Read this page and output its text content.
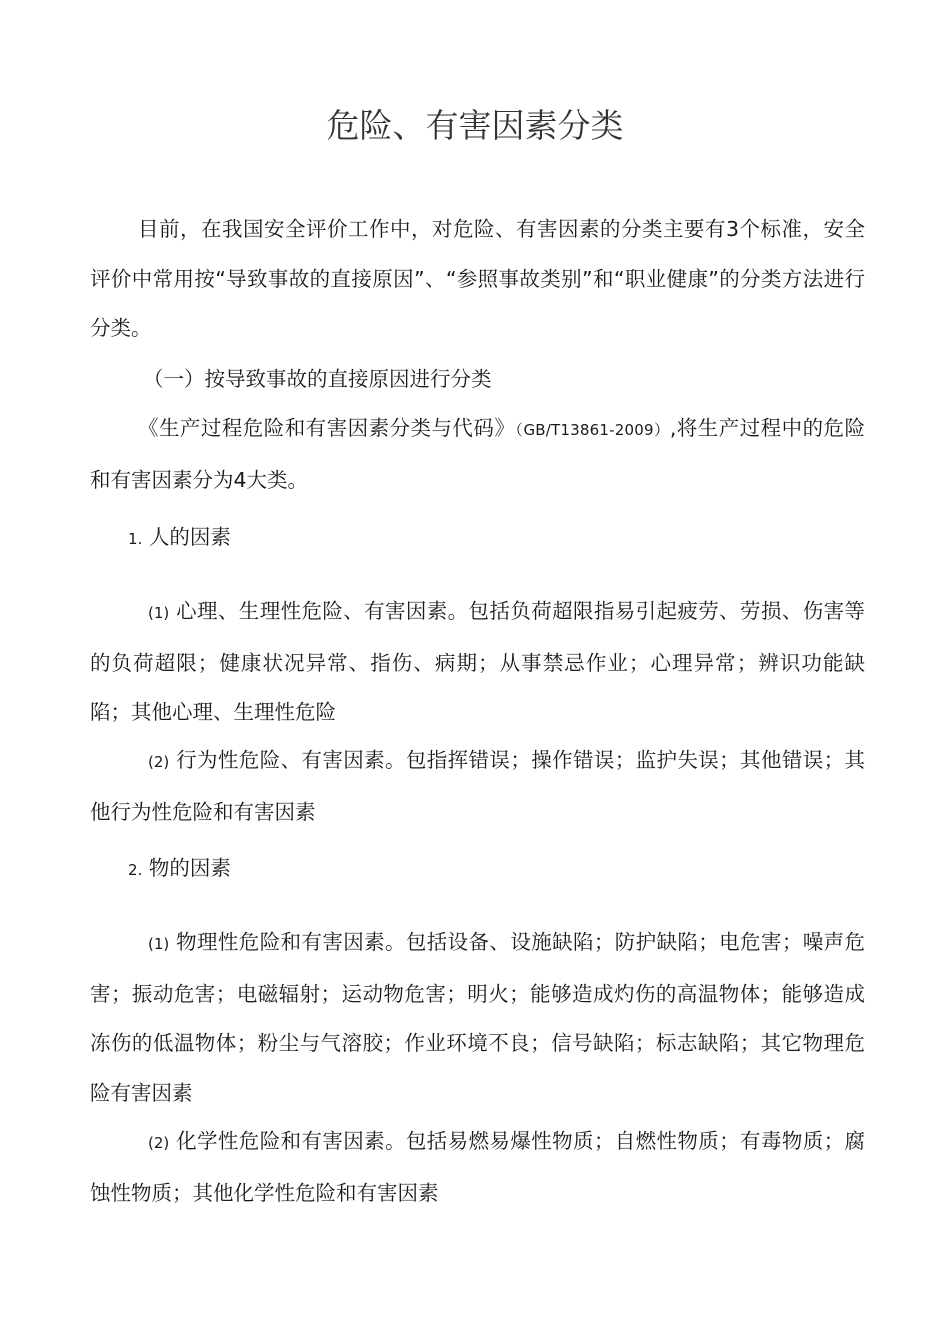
危险、有害因素分类

目前，在我国安全评价工作中，对危险、有害因素的分类主要有3个标准，安全评价中常用按“导致事故的直接原因”、“参照事故类别”和“职业健康”的分类方法进行分类。

（一）按导致事故的直接原因进行分类

《生产过程危险和有害因素分类与代码》（GB/T13861-2009）,将生产过程中的危险和有害因素分为4大类。

1. 人的因素

(1) 心理、生理性危险、有害因素。包括负荷超限指易引起疲劳、劳损、伤害等的负荷超限；健康状况异常、指伤、病期；从事禁忌作业；心理异常；辨识功能缺陷；其他心理、生理性危险

(2) 行为性危险、有害因素。包指挥错误；操作错误；监护失误；其他错误；其他行为性危险和有害因素

2. 物的因素

(1) 物理性危险和有害因素。包括设备、设施缺陷；防护缺陷；电危害；噪声危害；振动危害；电磁辐射；运动物危害；明火；能够造成灼伤的高温物体；能够造成冻伤的低温物体；粉尘与气溶胶；作业环境不良；信号缺陷；标志缺陷；其它物理危险有害因素

(2) 化学性危险和有害因素。包括易燃易爆性物质；自燃性物质；有毒物质；腐蚀性物质；其他化学性危险和有害因素
